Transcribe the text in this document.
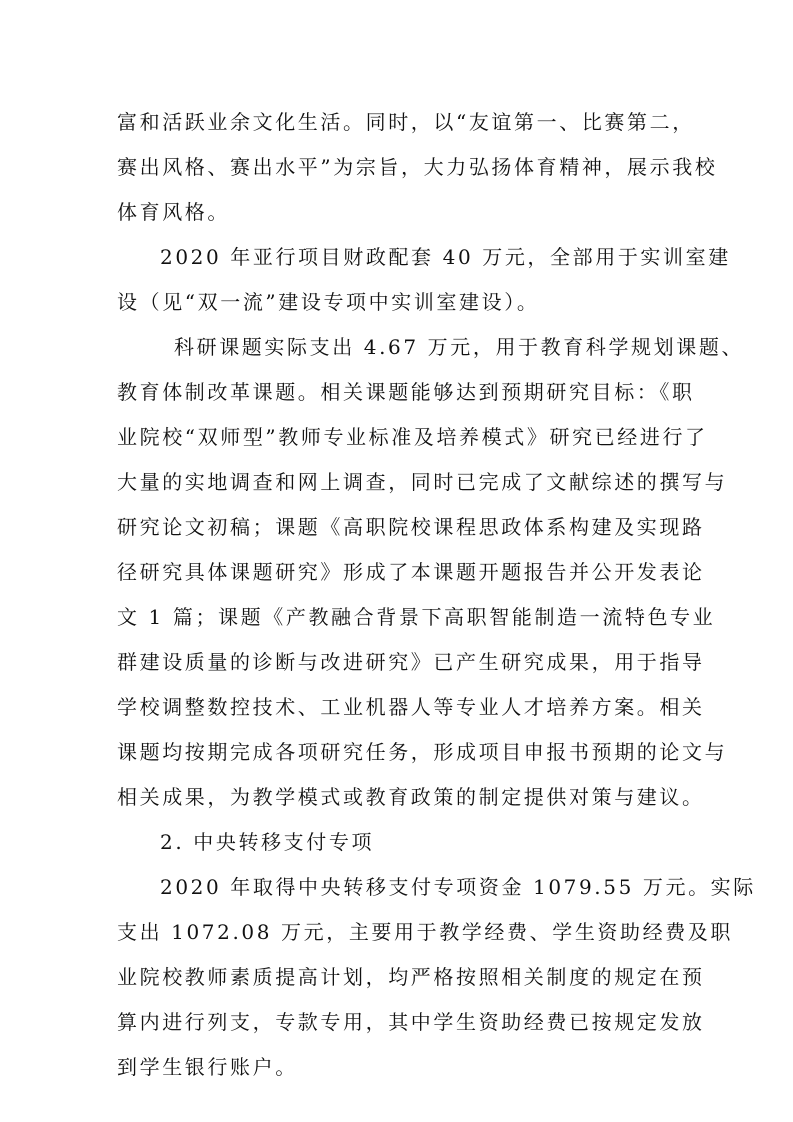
富和活跃业余文化生活。同时，以“友谊第一、比赛第二，
赛出风格、赛出水平”为宗旨，大力弘扬体育精神，展示我校
体育风格。
2020 年亚行项目财政配套 40 万元，全部用于实训室建
设（见“双一流”建设专项中实训室建设）。
科研课题实际支出 4.67 万元，用于教育科学规划课题、
教育体制改革课题。相关课题能够达到预期研究目标：《职
业院校“双师型”教师专业标准及培养模式》研究已经进行了
大量的实地调查和网上调查，同时已完成了文献综述的撰写与
研究论文初稿；课题《高职院校课程思政体系构建及实现路
径研究具体课题研究》形成了本课题开题报告并公开发表论
文 1 篇；课题《产教融合背景下高职智能制造一流特色专业
群建设质量的诊断与改进研究》已产生研究成果，用于指导
学校调整数控技术、工业机器人等专业人才培养方案。相关
课题均按期完成各项研究任务，形成项目申报书预期的论文与
相关成果，为教学模式或教育政策的制定提供对策与建议。
2. 中央转移支付专项
2020 年取得中央转移支付专项资金 1079.55 万元。实际
支出 1072.08 万元，主要用于教学经费、学生资助经费及职
业院校教师素质提高计划，均严格按照相关制度的规定在预
算内进行列支，专款专用，其中学生资助经费已按规定发放
到学生银行账户。
